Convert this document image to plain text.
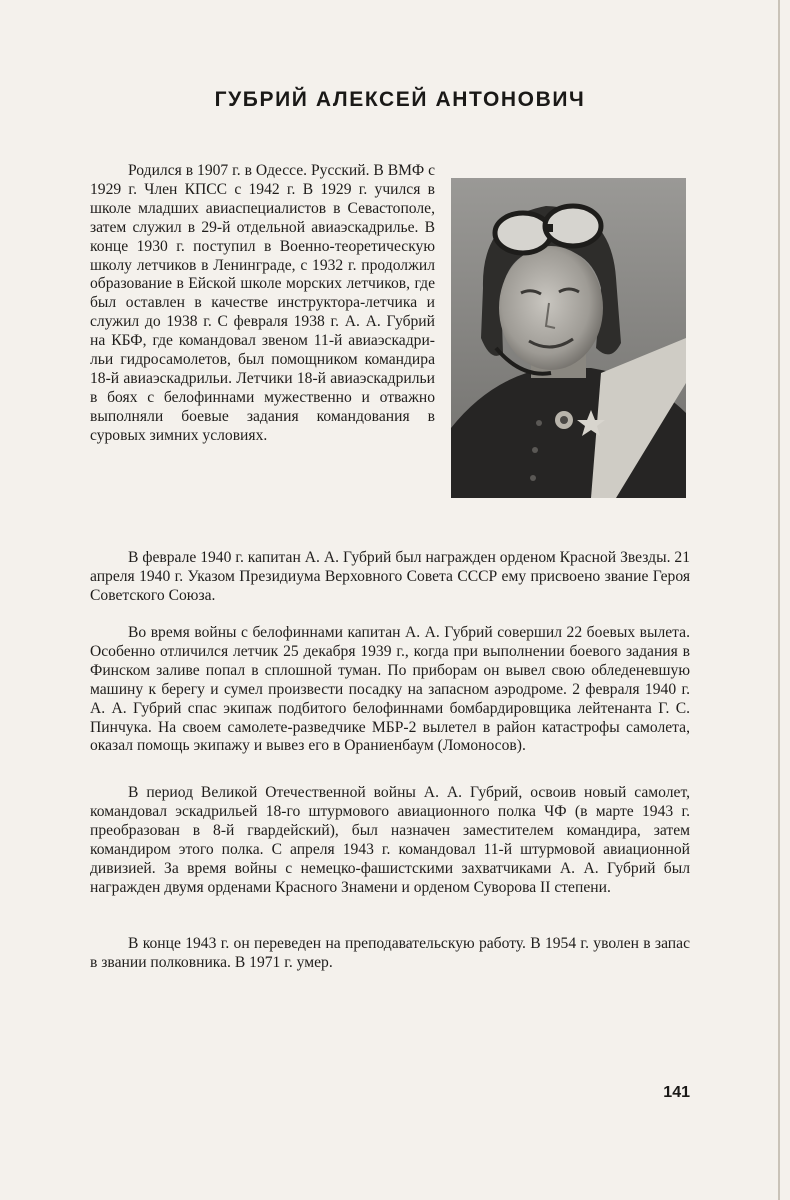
ГУБРИЙ АЛЕКСЕЙ АНТОНОВИЧ

Родился в 1907 г. в Одессе. Русский. В ВМФ с 1929 г. Член КПСС с 1942 г. В 1929 г. учился в школе младших авиаспециалистов в Севастополе, затем служил в 29-й отдельной авиаэскадрилье. В конце 1930 г. поступил в Военно-теоретическую школу летчиков в Ленинграде, с 1932 г. продолжил образование в Ейской школе морских летчиков, где был оставлен в качестве инструктора-летчика и служил до 1938 г. С февраля 1938 г. А. А. Губрий на КБФ, где командовал звеном 11-й авиаэскадрильи гидросамолетов, был помощником командира 18-й авиаэскадрильи. Летчики 18-й авиаэскадрильи в боях с белофиннами мужественно и отважно выполняли боевые задания командования в суровых зимних условиях.

В феврале 1940 г. капитан А. А. Губрий был награжден орденом Красной Звезды. 21 апреля 1940 г. Указом Президиума Верховного Совета СССР ему присвоено звание Героя Советского Союза.

Во время войны с белофиннами капитан А. А. Губрий совершил 22 боевых вылета. Особенно отличился летчик 25 декабря 1939 г., когда при выполнении боевого задания в Финском заливе попал в сплошной туман. По приборам он вывел свою обледеневшую машину к берегу и сумел произвести посадку на запасном аэродроме. 2 февраля 1940 г. А. А. Губрий спас экипаж подбитого белофиннами бомбардировщика лейтенанта Г. С. Пинчука. На своем самолете-разведчике МБР-2 вылетел в район катастрофы самолета, оказал помощь экипажу и вывез его в Ораниенбаум (Ломоносов).

В период Великой Отечественной войны А. А. Губрий, освоив новый самолет, командовал эскадрильей 18-го штурмового авиационного полка ЧФ (в марте 1943 г. преобразован в 8-й гвардейский), был назначен заместителем командира, затем командиром этого полка. С апреля 1943 г. командовал 11-й штурмовой авиационной дивизией. За время войны с немецко-фашистскими захватчиками А. А. Губрий был награжден двумя орденами Красного Знамени и орденом Суворова II степени.

В конце 1943 г. он переведен на преподавательскую работу. В 1954 г. уволен в запас в звании полковника. В 1971 г. умер.

141
